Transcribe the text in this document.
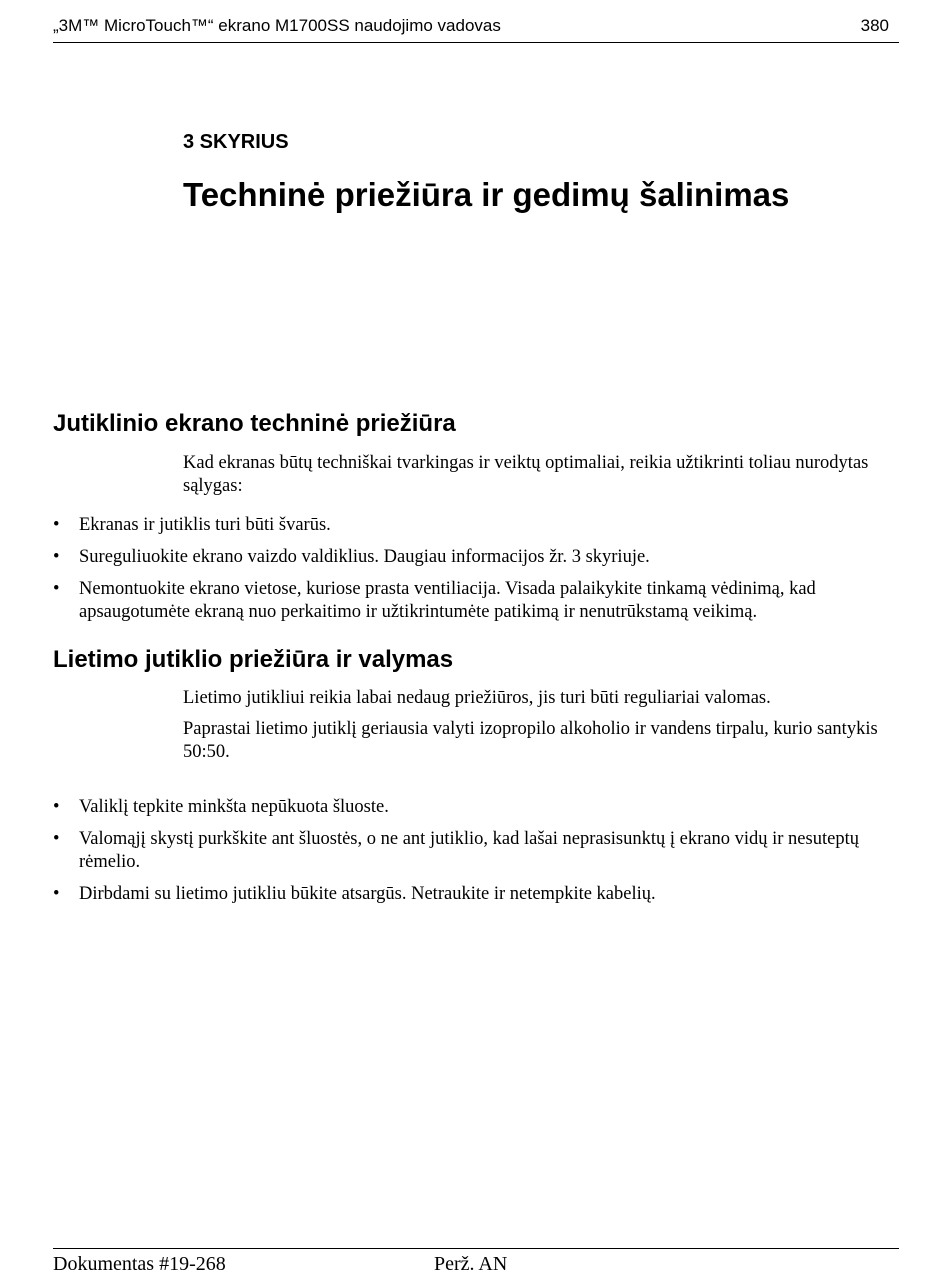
„3M™ MicroTouch™“ ekrano M1700SS naudojimo vadovas	380
3 SKYRIUS
Techninė priežiūra ir gedimų šalinimas
Jutiklinio ekrano techninė priežiūra
Kad ekranas būtų techniškai tvarkingas ir veiktų optimaliai, reikia užtikrinti toliau nurodytas sąlygas:
• Ekranas ir jutiklis turi būti švarūs.
• Sureguliuokite ekrano vaizdo valdiklius. Daugiau informacijos žr. 3 skyriuje.
• Nemontuokite ekrano vietose, kuriose prasta ventiliacija. Visada palaikykite tinkamą vėdinimą, kad apsaugotumėte ekraną nuo perkaitimo ir užtikrintumėte patikimą ir nenutrūkstamą veikimą.
Lietimo jutiklio priežiūra ir valymas
Lietimo jutikliui reikia labai nedaug priežiūros, jis turi būti reguliariai valomas.
Paprastai lietimo jutiklį geriausia valyti izopropilo alkoholio ir vandens tirpalu, kurio santykis 50:50.
• Valiklį tepkite minkšta nepūkuota šluoste.
• Valomąjį skystį purkškite ant šluostės, o ne ant jutiklio, kad lašai neprasisunktų į ekrano vidų ir nesuteptų rėmelio.
• Dirbdami su lietimo jutikliu būkite atsargūs. Netraukite ir netempkite kabelių.
Dokumentas #19-268	Perž. AN
